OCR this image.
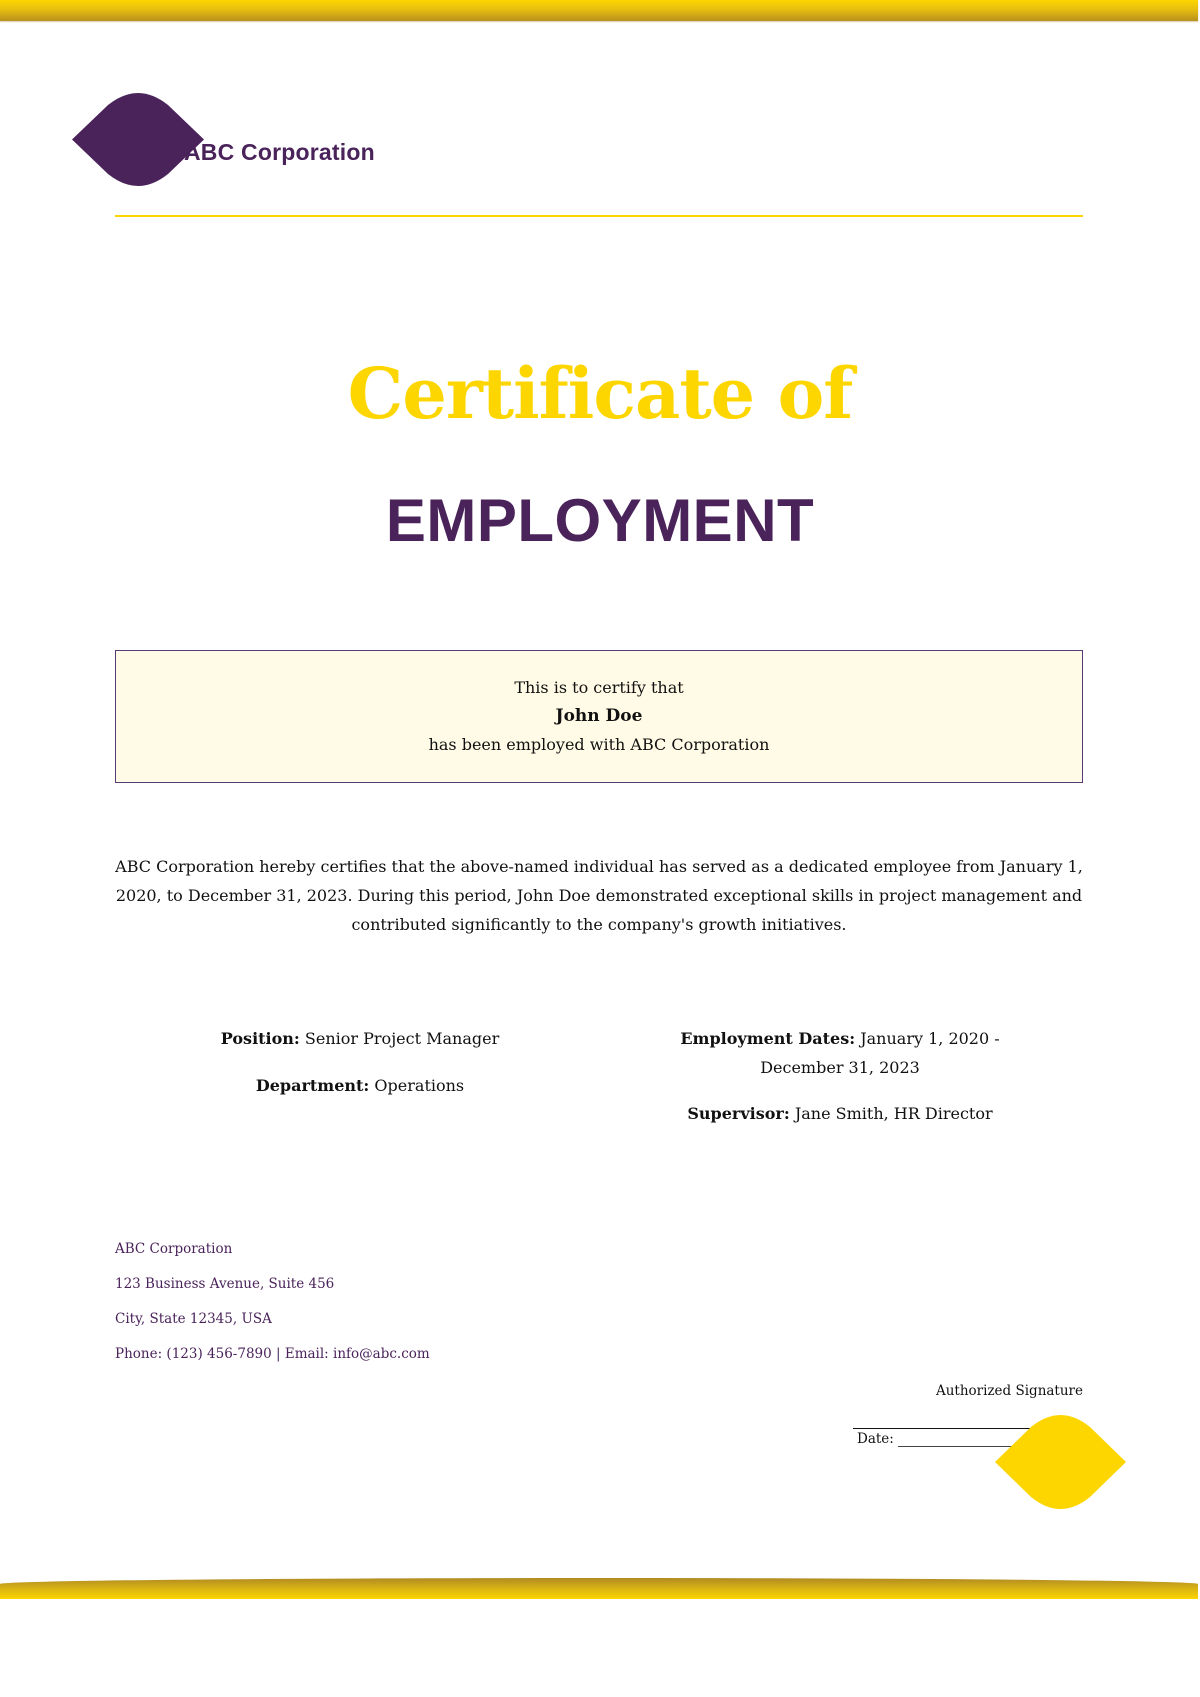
ABC Corporation
Certificate of
EMPLOYMENT
This is to certify that
John Doe
has been employed with ABC Corporation
ABC Corporation hereby certifies that the above-named individual has served as a dedicated employee from January 1, 2020, to December 31, 2023. During this period, John Doe demonstrated exceptional skills in project management and contributed significantly to the company's growth initiatives.
Position: Senior Project Manager
Department: Operations
Employment Dates: January 1, 2020 -
December 31, 2023
Supervisor: Jane Smith, HR Director
ABC Corporation
123 Business Avenue, Suite 456
City, State 12345, USA
Phone: (123) 456-7890 | Email: info@abc.com
Authorized Signature
Date:
